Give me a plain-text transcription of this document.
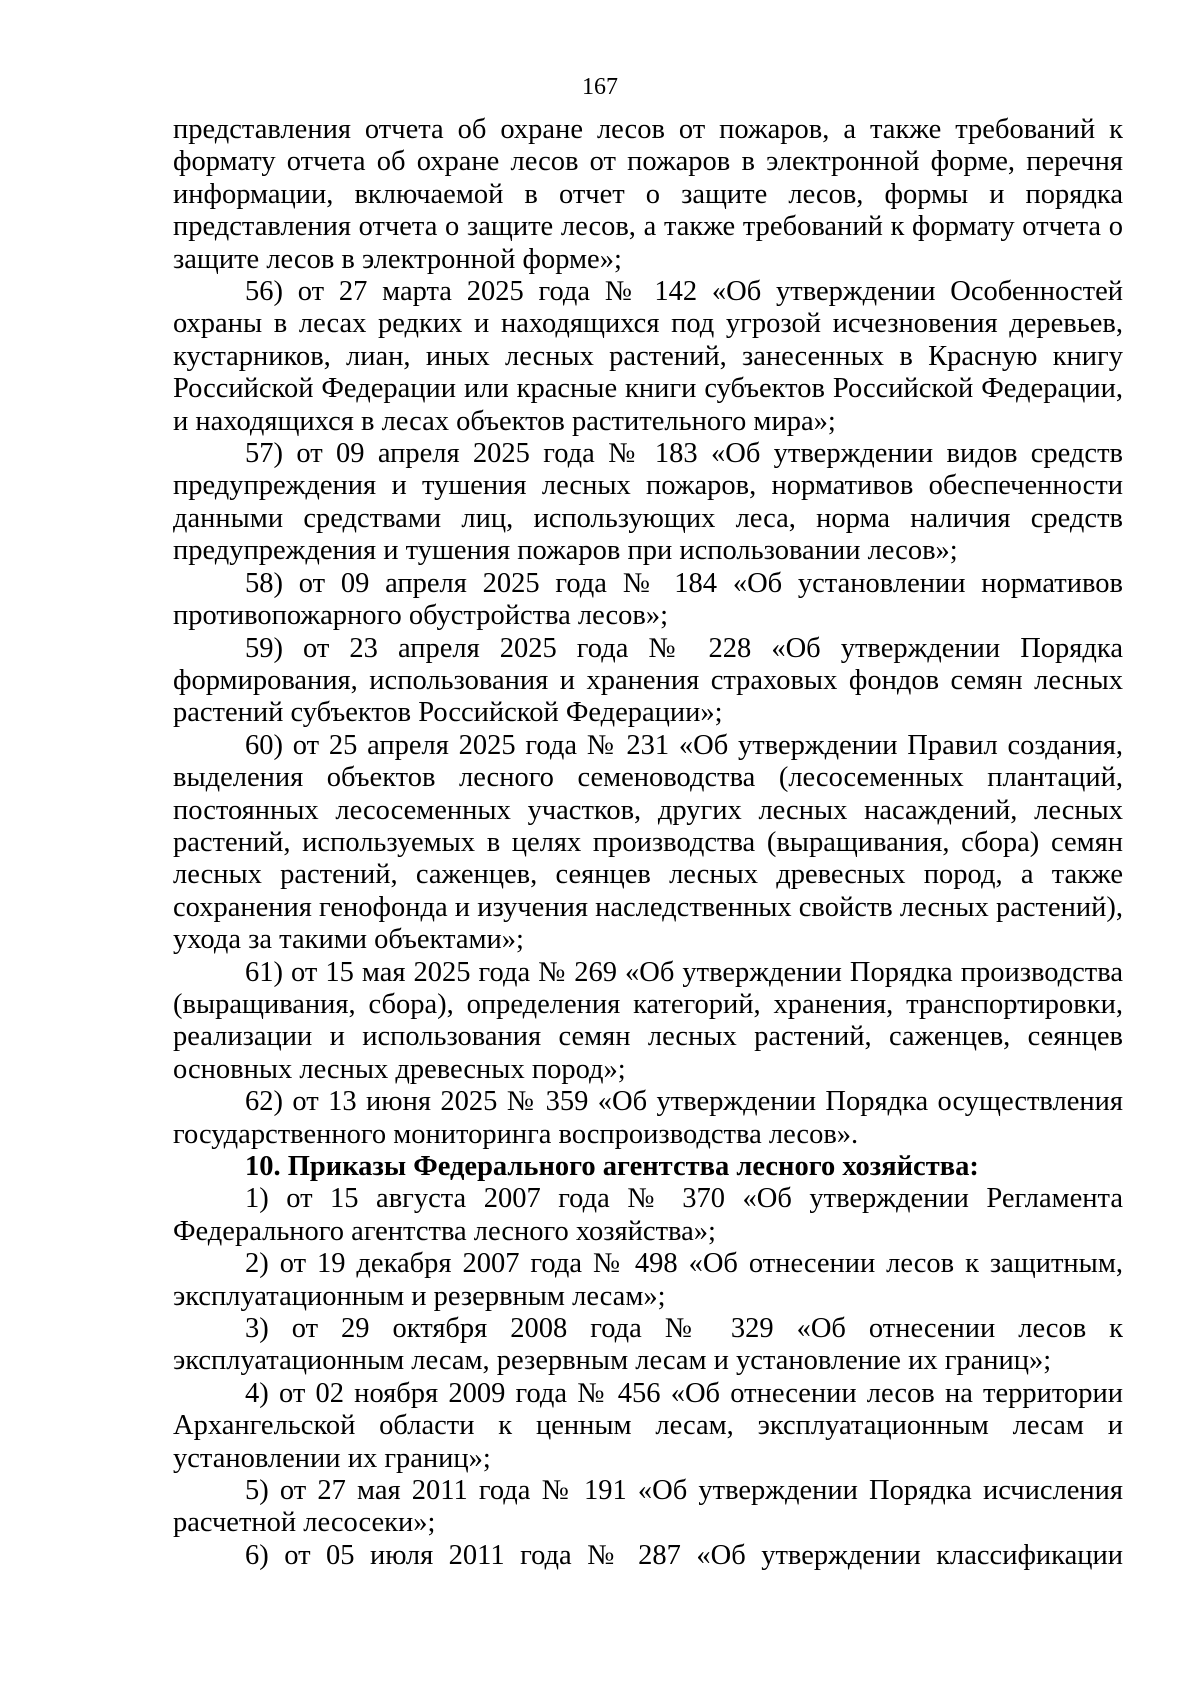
167

представления отчета об охране лесов от пожаров, а также требований к формату отчета об охране лесов от пожаров в электронной форме, перечня информации, включаемой в отчет о защите лесов, формы и порядка представления отчета о защите лесов, а также требований к формату отчета о защите лесов в электронной форме»;

56) от 27 марта 2025 года № 142 «Об утверждении Особенностей охраны в лесах редких и находящихся под угрозой исчезновения деревьев, кустарников, лиан, иных лесных растений, занесенных в Красную книгу Российской Федерации или красные книги субъектов Российской Федерации, и находящихся в лесах объектов растительного мира»;

57) от 09 апреля 2025 года № 183 «Об утверждении видов средств предупреждения и тушения лесных пожаров, нормативов обеспеченности данными средствами лиц, использующих леса, норма наличия средств предупреждения и тушения пожаров при использовании лесов»;

58) от 09 апреля 2025 года № 184 «Об установлении нормативов противопожарного обустройства лесов»;

59) от 23 апреля 2025 года № 228 «Об утверждении Порядка формирования, использования и хранения страховых фондов семян лесных растений субъектов Российской Федерации»;

60) от 25 апреля 2025 года № 231 «Об утверждении Правил создания, выделения объектов лесного семеноводства (лесосеменных плантаций, постоянных лесосеменных участков, других лесных насаждений, лесных растений, используемых в целях производства (выращивания, сбора) семян лесных растений, саженцев, сеянцев лесных древесных пород, а также сохранения генофонда и изучения наследственных свойств лесных растений), ухода за такими объектами»;

61) от 15 мая 2025 года № 269 «Об утверждении Порядка производства (выращивания, сбора), определения категорий, хранения, транспортировки, реализации и использования семян лесных растений, саженцев, сеянцев основных лесных древесных пород»;

62) от 13 июня 2025 № 359 «Об утверждении Порядка осуществления государственного мониторинга воспроизводства лесов».

10. Приказы Федерального агентства лесного хозяйства:

1) от 15 августа 2007 года № 370 «Об утверждении Регламента Федерального агентства лесного хозяйства»;

2) от 19 декабря 2007 года № 498 «Об отнесении лесов к защитным, эксплуатационным и резервным лесам»;

3) от 29 октября 2008 года № 329 «Об отнесении лесов к эксплуатационным лесам, резервным лесам и установление их границ»;

4) от 02 ноября 2009 года № 456 «Об отнесении лесов на территории Архангельской области к ценным лесам, эксплуатационным лесам и установлении их границ»;

5) от 27 мая 2011 года № 191 «Об утверждении Порядка исчисления расчетной лесосеки»;

6) от 05 июля 2011 года № 287 «Об утверждении классификации
